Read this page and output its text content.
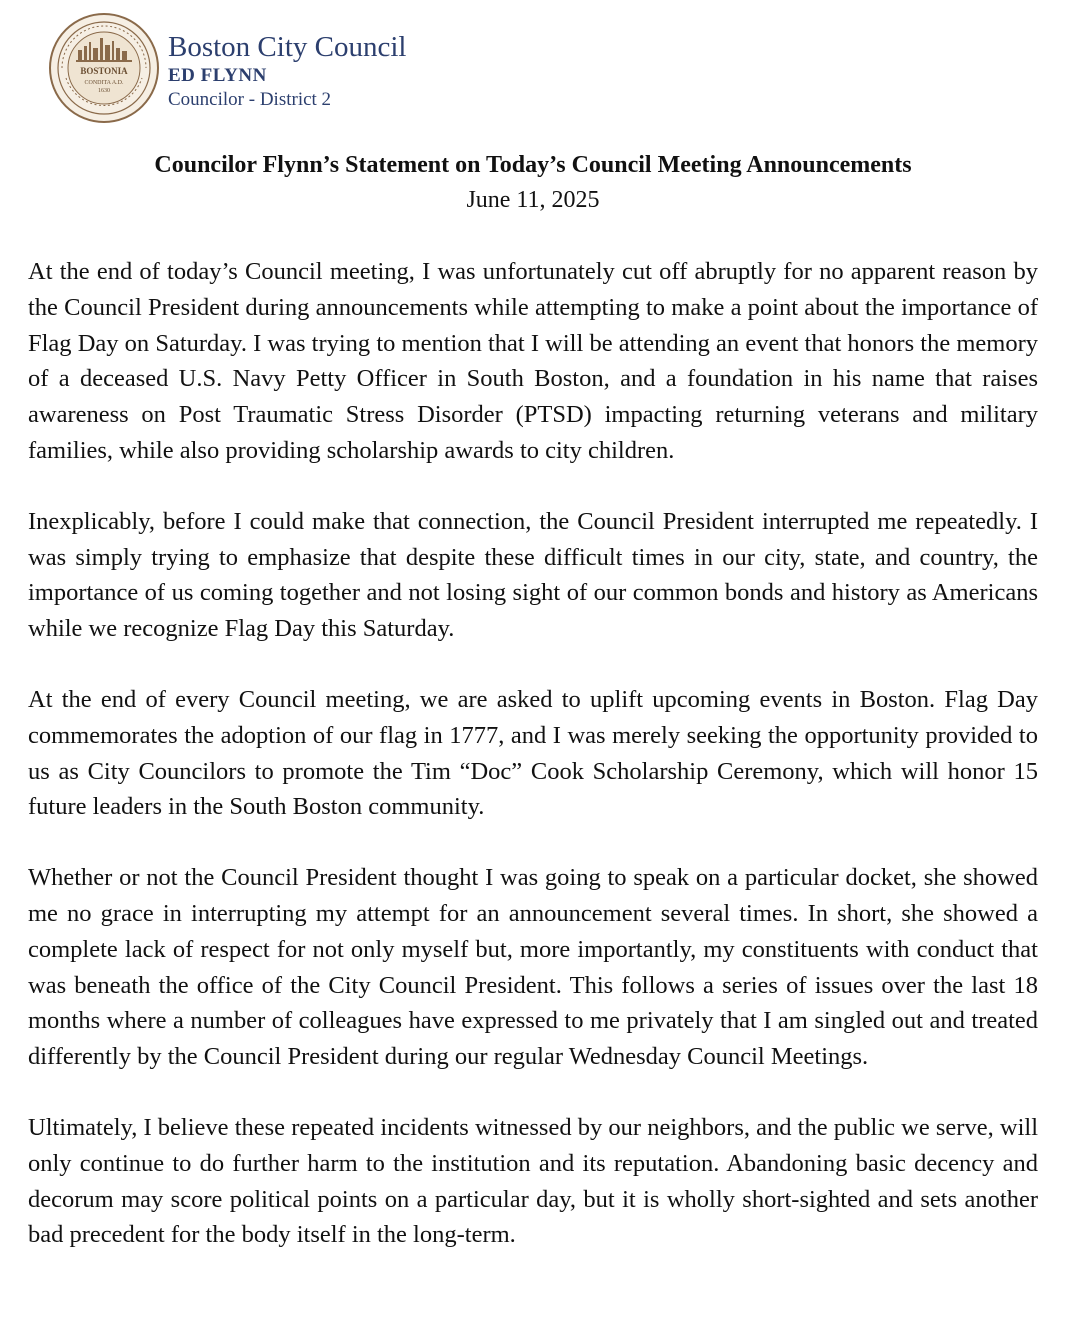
BOSTONIA
CONDITA A.D.
1630
Boston City Council
ED FLYNN
Councilor - District 2
Councilor Flynn’s Statement on Today’s Council Meeting Announcements
June 11, 2025

At the end of today’s Council meeting, I was unfortunately cut off abruptly for no apparent reason by the Council President during announcements while attempting to make a point about the importance of Flag Day on Saturday. I was trying to mention that I will be attending an event that honors the memory of a deceased U.S. Navy Petty Officer in South Boston, and a foundation in his name that raises awareness on Post Traumatic Stress Disorder (PTSD) impacting returning veterans and military families, while also providing scholarship awards to city children.

Inexplicably, before I could make that connection, the Council President interrupted me repeatedly. I was simply trying to emphasize that despite these difficult times in our city, state, and country, the importance of us coming together and not losing sight of our common bonds and history as Americans while we recognize Flag Day this Saturday.

At the end of every Council meeting, we are asked to uplift upcoming events in Boston. Flag Day commemorates the adoption of our flag in 1777, and I was merely seeking the opportunity provided to us as City Councilors to promote the Tim “Doc” Cook Scholarship Ceremony, which will honor 15 future leaders in the South Boston community.

Whether or not the Council President thought I was going to speak on a particular docket, she showed me no grace in interrupting my attempt for an announcement several times. In short, she showed a complete lack of respect for not only myself but, more importantly, my constituents with conduct that was beneath the office of the City Council President. This follows a series of issues over the last 18 months where a number of colleagues have expressed to me privately that I am singled out and treated differently by the Council President during our regular Wednesday Council Meetings.

Ultimately, I believe these repeated incidents witnessed by our neighbors, and the public we serve, will only continue to do further harm to the institution and its reputation. Abandoning basic decency and decorum may score political points on a particular day, but it is wholly short-sighted and sets another bad precedent for the body itself in the long-term.
